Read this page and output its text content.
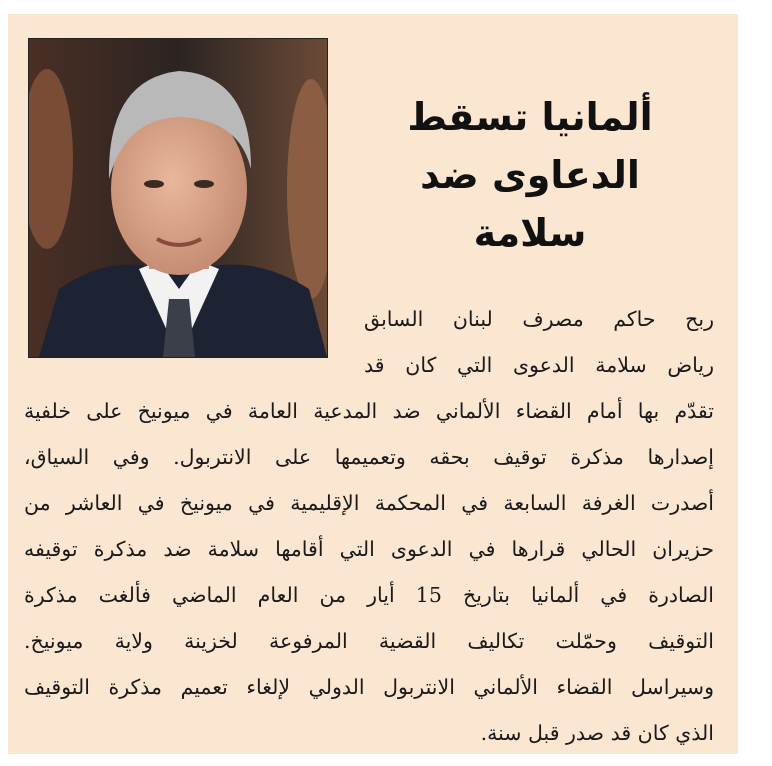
ألمانيا تسقط
الدعاوى ضد سلامة
ربح حاكم مصرف لبنان السابق
رياض سلامة الدعوى التي كان قد
تقدّم بها أمام القضاء الألماني ضد المدعية العامة في ميونيخ على خلفية
إصدارها مذكرة توقيف بحقه وتعميمها على الانتربول. وفي السياق،
أصدرت الغرفة السابعة في المحكمة الإقليمية في ميونيخ في العاشر من
حزيران الحالي قرارها في الدعوى التي أقامها سلامة ضد مذكرة توقيفه
الصادرة في ألمانيا بتاريخ 15 أيار من العام الماضي فألغت مذكرة
التوقيف وحمّلت تكاليف القضية المرفوعة لخزينة ولاية ميونيخ.
وسيراسل القضاء الألماني الانتربول الدولي لإلغاء تعميم مذكرة التوقيف
الذي كان قد صدر قبل سنة.
